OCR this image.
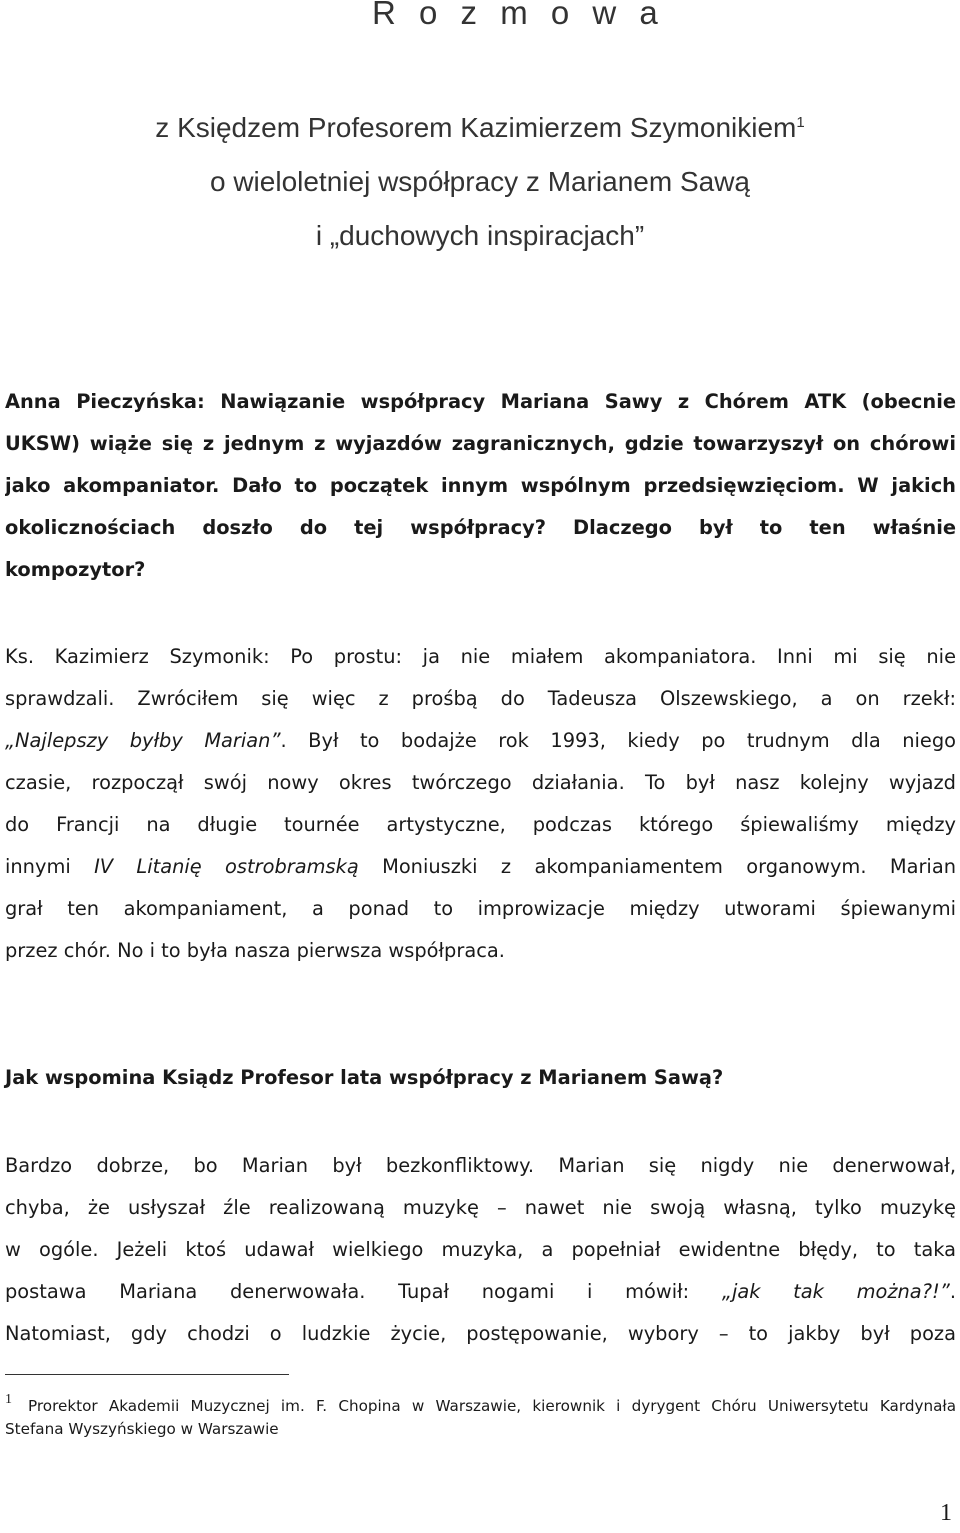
R o z m o w a
z Księdzem Profesorem Kazimierzem Szymonikiem$^1$
o wieloletniej współpracy z Marianem Sawą
i „duchowych inspiracjach”
Anna Pieczyńska: Nawiązanie współpracy Mariana Sawy z Chórem ATK (obecnie
UKSW) wiąże się z jednym z wyjazdów zagranicznych, gdzie towarzyszył on chórowi
jako akompaniator. Dało to początek innym wspólnym przedsięwzięciom. W jakich
okolicznościach doszło do tej współpracy? Dlaczego był to ten właśnie
kompozytor?
Ks. Kazimierz Szymonik: Po prostu: ja nie miałem akompaniatora. Inni mi się nie
sprawdzali. Zwróciłem się więc z prośbą do Tadeusza Olszewskiego, a on rzekł:
„Najlepszy byłby Marian”. Był to bodajże rok 1993, kiedy po trudnym dla niego
czasie, rozpoczął swój nowy okres twórczego działania. To był nasz kolejny wyjazd
do Francji na długie tournée artystyczne, podczas którego śpiewaliśmy między
innymi IV Litanię ostrobramską Moniuszki z akompaniamentem organowym. Marian
grał ten akompaniament, a ponad to improwizacje między utworami śpiewanymi
przez chór. No i to była nasza pierwsza współpraca.

Jak wspomina Ksiądz Profesor lata współpracy z Marianem Sawą?

Bardzo dobrze, bo Marian był bezkonfliktowy. Marian się nigdy nie denerwował,
chyba, że usłyszał źle realizowaną muzykę – nawet nie swoją własną, tylko muzykę
w ogóle. Jeżeli ktoś udawał wielkiego muzyka, a popełniał ewidentne błędy, to taka
postawa Mariana denerwowała. Tupał nogami i mówił: „jak tak można?!”.
Natomiast, gdy chodzi o ludzkie życie, postępowanie, wybory – to jakby był poza
1 Prorektor Akademii Muzycznej im. F. Chopina w Warszawie, kierownik i dyrygent Chóru Uniwersytetu Kardynała
Stefana Wyszyńskiego w Warszawie
1
